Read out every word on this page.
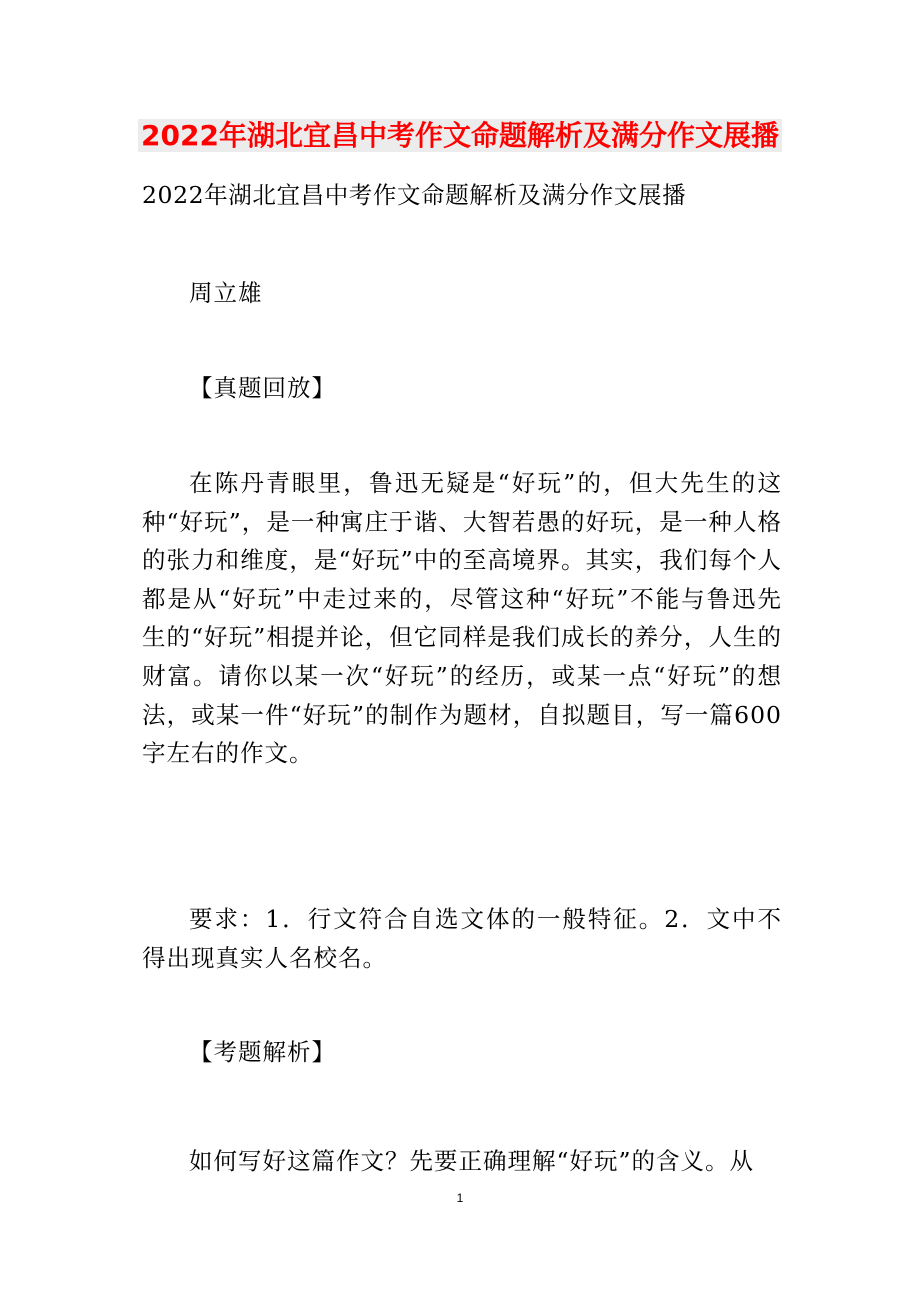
2022年湖北宜昌中考作文命题解析及满分作文展播
2022年湖北宜昌中考作文命题解析及满分作文展播
周立雄
【真题回放】
在陈丹青眼里，鲁迅无疑是“好玩”的，但大先生的这种“好玩”，是一种寓庄于谐、大智若愚的好玩，是一种人格的张力和维度，是“好玩”中的至高境界。其实，我们每个人都是从“好玩”中走过来的，尽管这种“好玩”不能与鲁迅先生的“好玩”相提并论，但它同样是我们成长的养分，人生的财富。请你以某一次“好玩”的经历，或某一点“好玩”的想法，或某一件“好玩”的制作为题材，自拟题目，写一篇600字左右的作文。
要求：1．行文符合自选文体的一般特征。2．文中不得出现真实人名校名。
【考题解析】
如何写好这篇作文？先要正确理解“好玩”的含义。从
1
